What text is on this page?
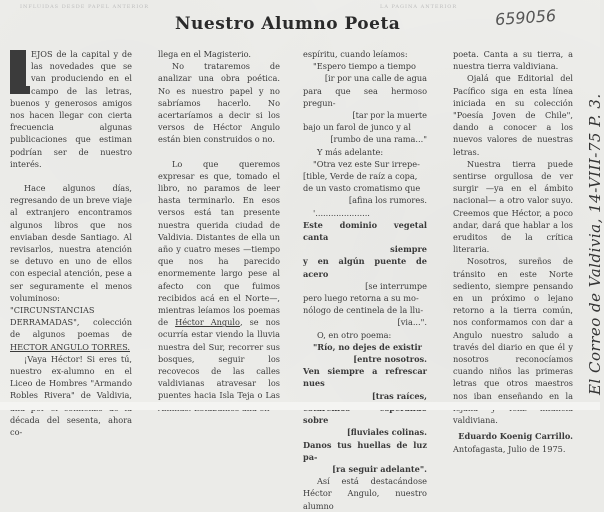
INFLUIDAS DESDE PAPEL ANTERIOR	LA PAGINA ANTERIOR
Nuestro Alumno Poeta	659056

EJOS de la capital y de las novedades que se van produciendo en el campo de las letras, buenos y generosos amigos nos hacen llegar con cierta frecuencia algunas publicaciones que estiman podrían ser de nuestro interés.

Hace algunos días, regresando de un breve viaje al extranjero encontramos algunos libros que nos enviaban desde Santiago. Al revisarlos, nuestra atención se detuvo en uno de ellos con especial atención, pese a ser seguramente el menos voluminoso: "CIRCUNSTANCIAS DERRAMADAS", colección de algunos poemas de HECTOR ANGULO TORRES.

¡Vaya Héctor! Si eres tú, nuestro ex-alumno en el Liceo de Hombres "Armando Robles Rivera" de Valdivia, década del sesenta, ahora co-

llega en el Magisterio.

No trataremos de analizar una obra poética. No es nuestro papel y no sabríamos hacerlo. No acertaríamos a decir si los versos de Héctor Angulo están bien construidos o no.

Lo que queremos expresar es que, tomado el libro, no paramos de leer hasta terminarlo. En esos versos está tan presente nuestra querida ciudad de Valdivia. Distantes de ella un año y cuatro meses —tiempo que nos ha parecido enormemente largo pese al afecto con que fuimos recibidos acá en el Norte—, mientras leíamos los poemas de Héctor Angulo, se nos ocurría estar viendo la lluvia nuestra del Sur, recorrer sus bosques, seguir los recovecos de las calles valdivianas atravesar los puentes hacia Isla Teja o Las

espíritu, cuando leíamos:

"Espero tiempo a tiempo

[ir por una calle de agua

para que sea hermoso pregun-

[tar por la muerte

bajo un farol de junco y al

[rumbo de una rama..."

Y más adelante:

"Otra vez este Sur irrepe-

[tible, Verde de raíz a copa,

de un vasto cromatismo que

[afina los rumores.

'.....................

Este dominio vegetal canta

siempre

y en algún puente de acero

[se interrumpe

pero luego retorna a su mo-

nólogo de centinela de la llu-

[via...".

O, en otro poema:

"Río, no dejes de existir

[entre nosotros.

Ven siempre a refrescar nues

[tras raíces,

sobre

[fluviales colinas.

Danos tus huellas de luz pa-

[ra seguir adelante".

Así está destacándose Héctor Angulo, nuestro alumno

poeta. Canta a su tierra, a nuestra tierra valdiviana.

Ojalá que Editorial del Pacífico siga en esta línea iniciada en su colección "Poesía Joven de Chile", dando a conocer a los nuevos valores de nuestras letras.

Nuestra tierra puede sentirse orgullosa de ver surgir —ya en el ámbito nacional— a otro valor suyo. Creemos que Héctor, a poco andar, dará que hablar a los eruditos de la crítica literaria.

Nosotros, sureños de tránsito en este Norte sediento, siempre pensando en un próximo o lejano retorno a la tierra común, nos conformamos con dar a Angulo nuestro saludo a través del diario en que él y nosotros reconocíamos cuando niños las primeras letras que otros maestros nos iban enseñando en la valdiviana.

Eduardo Koenig Carrillo.

Antofagasta, Julio de 1975.

El Correo de Valdivia, 14-VIII-75 P. 3.
